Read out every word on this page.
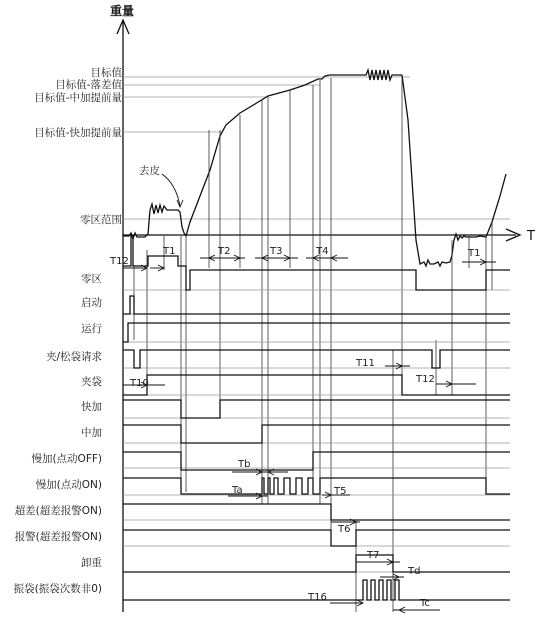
重量
T
目标值
目标值-落差值
目标值-中加提前量
目标值-快加提前量
零区范围
去皮
零区
启动
运行
夹/松袋请求
夹袋
快加
中加
慢加(点动OFF)
慢加(点动ON)
超差(超差报警ON)
报警(超差报警ON)
卸重
振袋(振袋次数非0)
T12
T1	T2	T3	T4
T10
T11
T12
T1
Tb
Ta	T5
T6
T7
Td
T16
Tc
